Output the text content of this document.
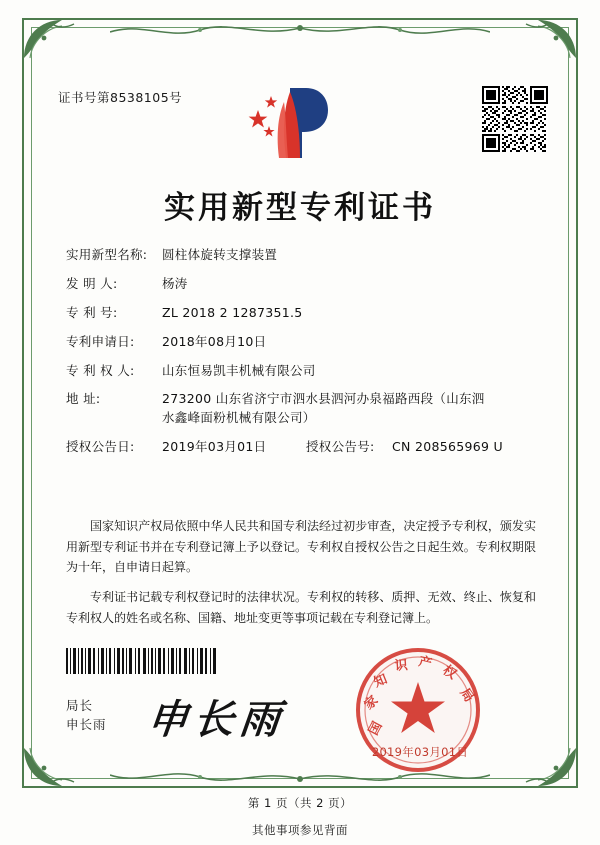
证书号第8538105号
实用新型专利证书
实用新型名称:	圆柱体旋转支撑装置
发 明 人:	杨涛
专 利 号:	ZL 2018 2 1287351.5
专利申请日:	2018年08月10日
专 利 权 人:	山东恒易凯丰机械有限公司
地 址:	273200 山东省济宁市泗水县泗河办泉福路西段（山东泗
水鑫峰面粉机械有限公司）
授权公告日:	2019年03月01日	授权公告号:	CN 208565969 U

国家知识产权局依照中华人民共和国专利法经过初步审查，决定授予专利权，颁发实用新型专利证书并在专利登记簿上予以登记。专利权自授权公告之日起生效。专利权期限为十年，自申请日起算。

专利证书记载专利权登记时的法律状况。专利权的转移、质押、无效、终止、恢复和专利权人的姓名或名称、国籍、地址变更等事项记载在专利登记簿上。

局长
申长雨 申长雨	国
家
知
识 产 权
局
2019年03月01日
第 1 页（共 2 页）
其他事项参见背面
